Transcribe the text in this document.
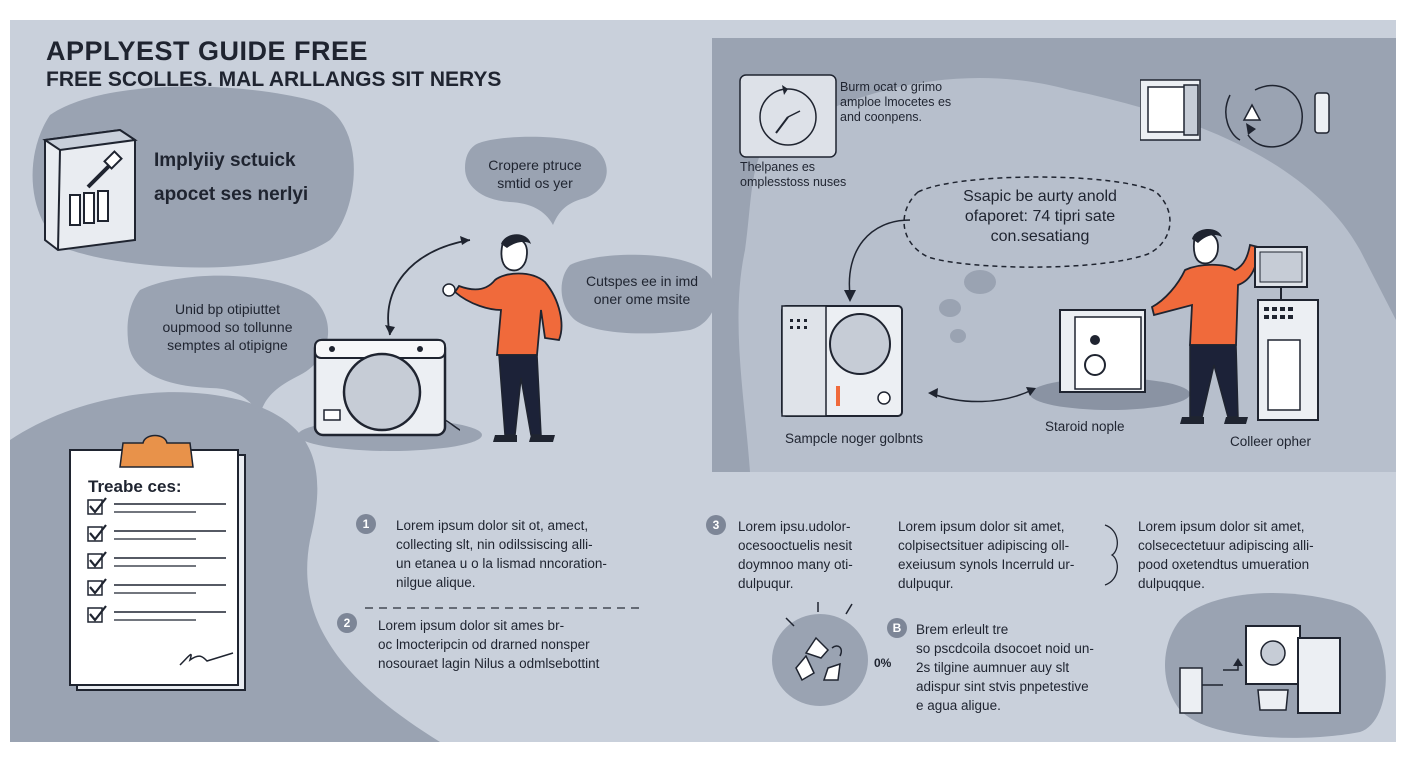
APPLYEST GUIDE FREE
FREE SCOLLES. MAL ARLLANGS SIT NERYS
Implyiiy sctuick
apocet ses nerlyi
Unid bp otipiuttet
oupmood so tollunne
semptes al otipigne
Cropere ptruce
smtid os yer
Cutspes ee in imd
oner ome msite
Treabe ces:
Burm ocat o grimo
amploe lmocetes es
and coonpens.
Thelpanes es
omplesstoss nuses
Ssapic be aurty anold
ofaporet: 74 tipri sate
con.sesatiang
Sampcle noger golbnts
Staroid nople
Colleer opher
1	Lorem ipsum dolor sit ot, amect,
collecting slt, nin odilssiscing alli-
un etanea u o la lismad nncoration-
nilgue alique.
2	Lorem ipsum dolor sit ames br-
oc lmocteripcin od drarned nonsper
nosouraet lagin Nilus a odmlsebottint
3	Lorem ipsu.udolor-
ocesooctuelis nesit
doymnoo many oti-
dulpuqur.
Lorem ipsum dolor sit amet,
colpisectsituer adipiscing oll-
exeiusum synols Incerruld ur-
dulpuqur.
Lorem ipsum dolor sit amet,
colsecectetuur adipiscing alli-
pood oxetendtus umueration
dulpuqque.
B	Brem erleult tre
so pscdcoila dsocoet noid un-
2s tilgine aumnuer auy slt
adispur sint stvis pnpetestive
e agua aligue.
0%
